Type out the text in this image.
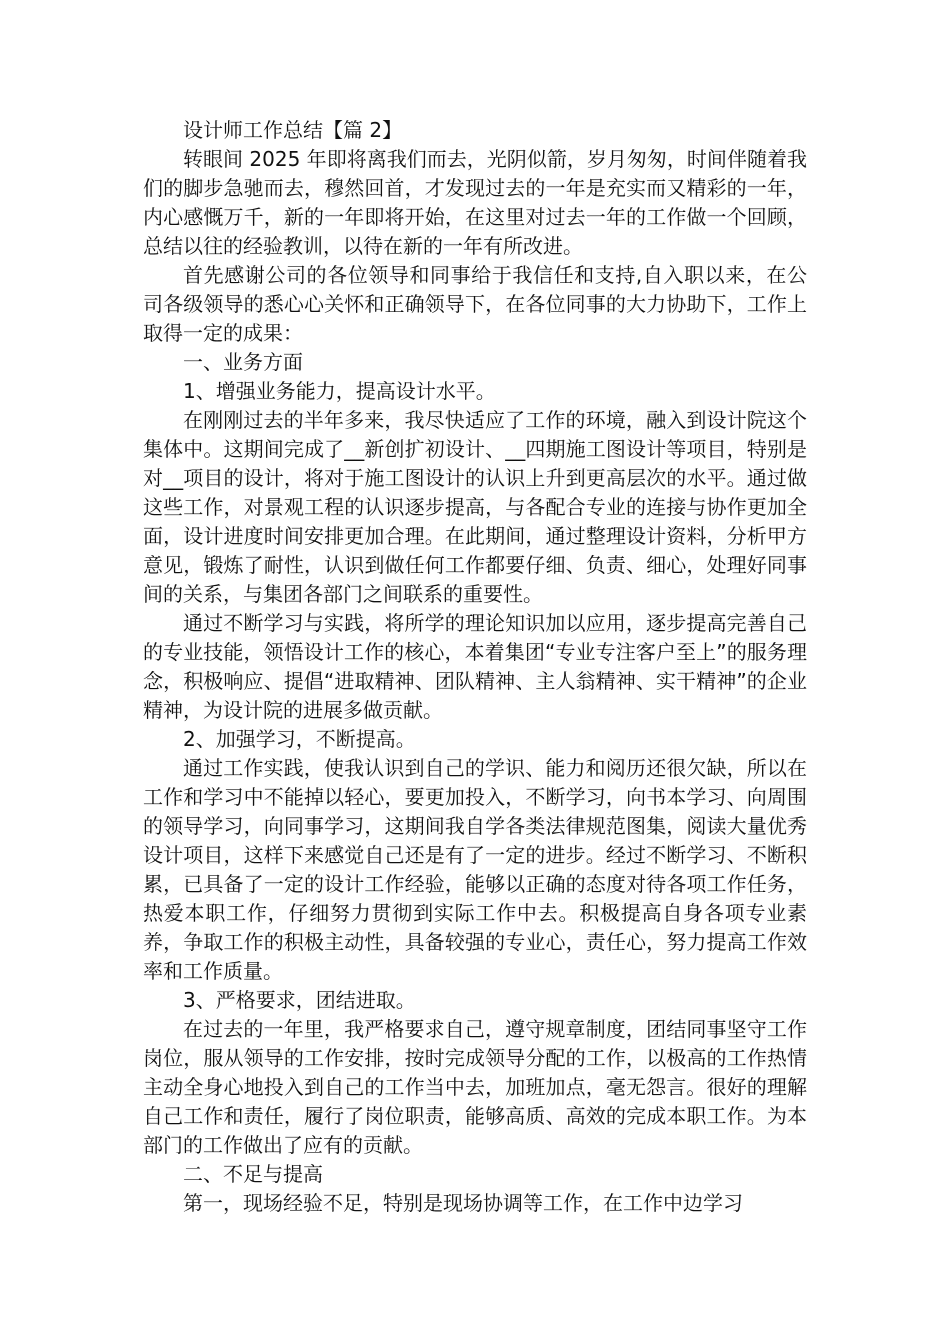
设计师工作总结【篇 2】

转眼间 2025 年即将离我们而去，光阴似箭，岁月匆匆，时间伴随着我们的脚步急驰而去，穆然回首，才发现过去的一年是充实而又精彩的一年，内心感慨万千，新的一年即将开始，在这里对过去一年的工作做一个回顾，总结以往的经验教训，以待在新的一年有所改进。

首先感谢公司的各位领导和同事给于我信任和支持,自入职以来，在公司各级领导的悉心心关怀和正确领导下，在各位同事的大力协助下，工作上取得一定的成果：

一、业务方面

1、增强业务能力，提高设计水平。

在刚刚过去的半年多来，我尽快适应了工作的环境，融入到设计院这个集体中。这期间完成了__新创扩初设计、__四期施工图设计等项目，特别是对__项目的设计，将对于施工图设计的认识上升到更高层次的水平。通过做这些工作，对景观工程的认识逐步提高，与各配合专业的连接与协作更加全面，设计进度时间安排更加合理。在此期间，通过整理设计资料，分析甲方意见，锻炼了耐性，认识到做任何工作都要仔细、负责、细心，处理好同事间的关系，与集团各部门之间联系的重要性。

通过不断学习与实践，将所学的理论知识加以应用，逐步提高完善自己的专业技能，领悟设计工作的核心，本着集团“专业专注客户至上”的服务理念，积极响应、提倡“进取精神、团队精神、主人翁精神、实干精神”的企业精神，为设计院的进展多做贡献。

2、加强学习，不断提高。

通过工作实践，使我认识到自己的学识、能力和阅历还很欠缺，所以在工作和学习中不能掉以轻心，要更加投入，不断学习，向书本学习、向周围的领导学习，向同事学习，这期间我自学各类法律规范图集，阅读大量优秀设计项目，这样下来感觉自己还是有了一定的进步。经过不断学习、不断积累，已具备了一定的设计工作经验，能够以正确的态度对待各项工作任务，热爱本职工作，仔细努力贯彻到实际工作中去。积极提高自身各项专业素养，争取工作的积极主动性，具备较强的专业心，责任心，努力提高工作效率和工作质量。

3、严格要求，团结进取。

在过去的一年里，我严格要求自己，遵守规章制度，团结同事坚守工作岗位，服从领导的工作安排，按时完成领导分配的工作，以极高的工作热情主动全身心地投入到自己的工作当中去，加班加点，毫无怨言。很好的理解自己工作和责任，履行了岗位职责，能够高质、高效的完成本职工作。为本部门的工作做出了应有的贡献。

二、不足与提高

第一，现场经验不足，特别是现场协调等工作，在工作中边学习
